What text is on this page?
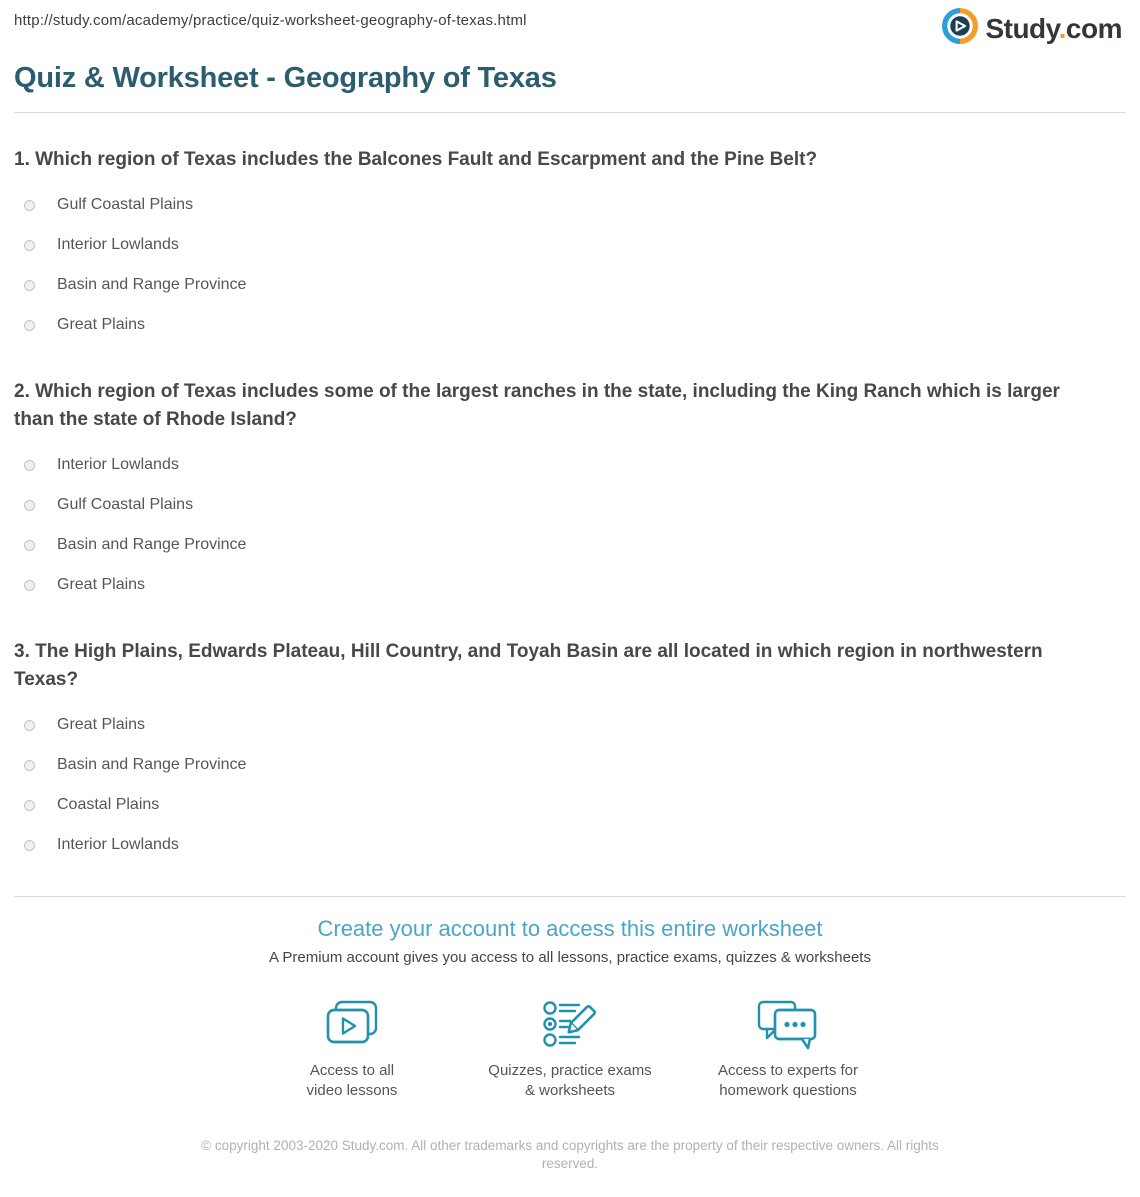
http://study.com/academy/practice/quiz-worksheet-geography-of-texas.html	Study.com
Quiz & Worksheet - Geography of Texas
1. Which region of Texas includes the Balcones Fault and Escarpment and the Pine Belt?
Gulf Coastal Plains
Interior Lowlands
Basin and Range Province
Great Plains
2. Which region of Texas includes some of the largest ranches in the state, including the King Ranch which is larger than the state of Rhode Island?
Interior Lowlands
Gulf Coastal Plains
Basin and Range Province
Great Plains
3. The High Plains, Edwards Plateau, Hill Country, and Toyah Basin are all located in which region in northwestern Texas?
Great Plains
Basin and Range Province
Coastal Plains
Interior Lowlands
Create your account to access this entire worksheet
A Premium account gives you access to all lessons, practice exams, quizzes & worksheets
Access to all
video lessons
Quizzes, practice exams
& worksheets
Access to experts for
homework questions
© copyright 2003-2020 Study.com. All other trademarks and copyrights are the property of their respective owners. All rights reserved.
